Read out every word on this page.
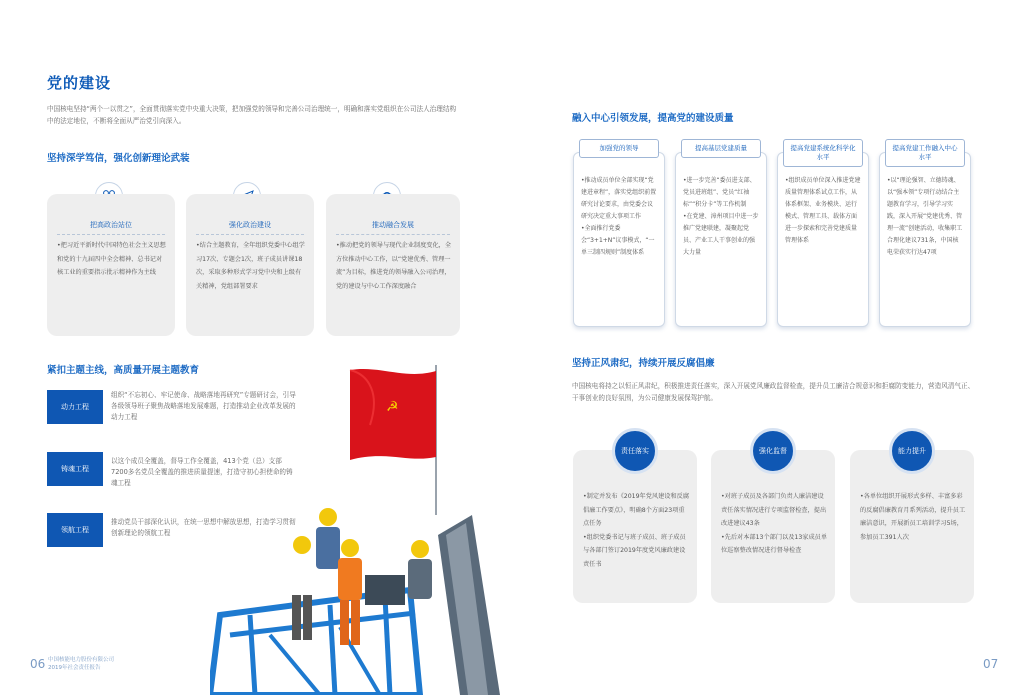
党的建设
中国核电坚持“两个一以贯之”，全面贯彻落实党中央重大决策，把加强党的领导和完善公司治理统一，明确和落实党组织在公司法人治理结构中的法定地位，不断将全面从严治党引向深入。
坚持深学笃信，强化创新理论武装
把高政治站位
•把习近平新时代中国特色社会主义思想和党的十九届四中全会精神、总书记对核工业的重要指示批示精神作为主线
强化政治建设
•结合主题教育，全年组织党委中心组学习17次、专题会1次，班子成员讲课18次，采取多种形式学习党中央和上级有关精神，党组部署要求
推动融合发展
•推动把党的领导与现代企业制度变化，全方位推动中心工作，以“党建优秀、管理一流”为目标，推进党的领导融入公司治理，党的建设与中心工作深度融合
紧扣主题主线，高质量开展主题教育
动力工程
组织“不忘初心、牢记使命、战略落地再研究”专题研讨会，引导各级领导班子聚焦战略落地发展难题，打造推动企业改革发展的动力工程
铸魂工程
以这个成员全覆盖，督导工作全覆盖，413个党（总）支部7200多名党员全覆盖的推进质量提速，打造守初心担使命的铸魂工程
领航工程
推动党员干部深化认识，在统一思想中解放思想，打造学习贯彻创新理论的领航工程
☭
06 中国核能电力股份有限公司
2019年社会责任报告
融入中心引领发展，提高党的建设质量
加强党的领导
•推动成员单位全部实现“党建进章程”，落实党组织前置研究讨论要求，由党委会议研究决定重大事项工作
•全面推行党委会“3+1+N”议事模式，“一单三制四规则”制度体系
提高基层党建质量
•进一步完善“委员进支部、党员进班组”、党员“红袖标”“积分卡”等工作机制
•在党建、漳州项目中进一步推广党建联建，凝聚起党员、产业工人干事创业的强大力量
提高党建系统化科学化水平
•组织成员单位深入推进党建质量管理体系试点工作，从体系框架、业务模块、运行模式、管理工具、载体方面进一步探索和完善党建质量管理体系
提高党建工作融入中心水平
•以“理论强智、立德铸魂、以“强本领”专项行动结合主题教育学习，引导学习实践，深入开展“党建优秀、管理一流”创建活动，收集职工合理化建议731条，中国核电荣获实行达47项
坚持正风肃纪，持续开展反腐倡廉
中国核电将持之以恒正风肃纪，积极推进责任落实，深入开展党风廉政监督检查，提升员工廉洁合规意识和拒腐防变能力，营造风清气正、干事创业的良好氛围，为公司健康发展保驾护航。
•制定并发布《2019年党风建设和反腐倡廉工作要点》，明确8个方面23项重点任务
•组织党委书记与班子成员、班子成员与各部门签订2019年度党风廉政建设责任书
责任落实
•对班子成员及各部门负责人廉洁建设责任落实情况进行专项监督检查，提出改进建议43条
•先后对本部13个部门以及13家成员单位巡察整改情况进行督导检查
强化监督
•各单位组织开展形式多样、丰富多彩的反腐倡廉教育月系列活动，提升员工廉洁意识，开展新员工培训学习5场，参加员工391人次
能力提升
07
